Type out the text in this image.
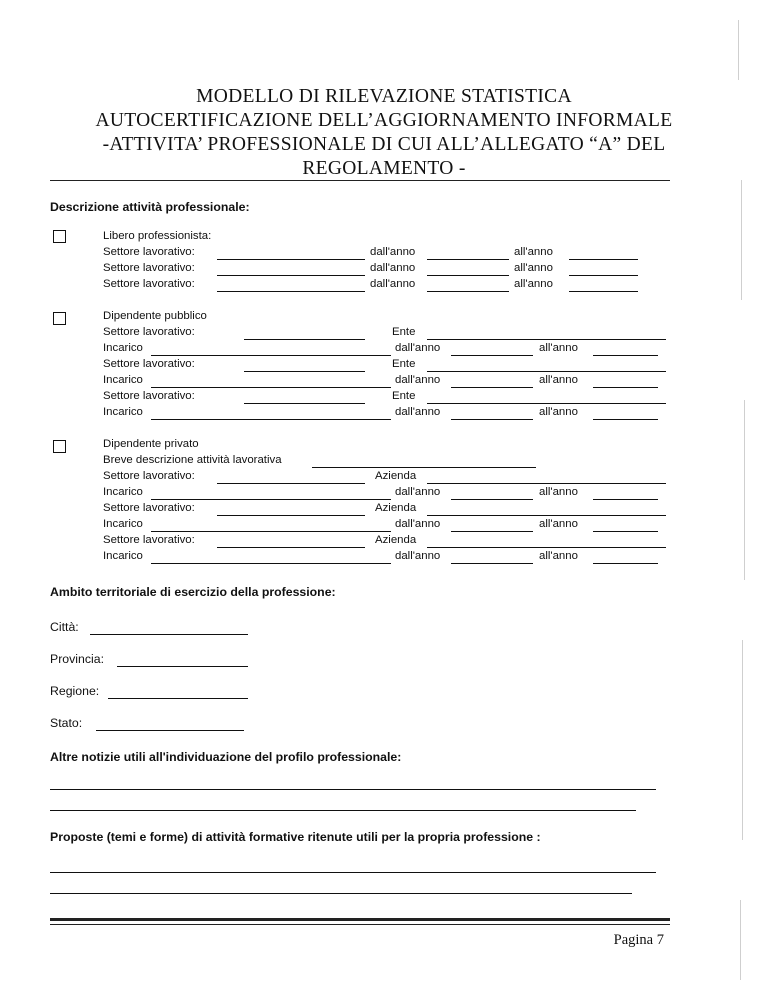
MODELLO DI RILEVAZIONE STATISTICA
AUTOCERTIFICAZIONE DELL’AGGIORNAMENTO INFORMALE
-ATTIVITA’ PROFESSIONALE DI CUI ALL’ALLEGATO “A” DEL
REGOLAMENTO -
Descrizione attività professionale:
Libero professionista:
Settore lavorativo:	dall'anno	all'anno
Settore lavorativo:	dall'anno	all'anno
Settore lavorativo:	dall'anno	all'anno
Dipendente pubblico
Settore lavorativo:	Ente
Incarico	dall'anno	all'anno
Settore lavorativo:	Ente
Incarico	dall'anno	all'anno
Settore lavorativo:	Ente
Incarico	dall'anno	all'anno
Dipendente privato
Breve descrizione attività lavorativa
Settore lavorativo:	Azienda
Incarico	dall'anno	all'anno
Settore lavorativo:	Azienda
Incarico	dall'anno	all'anno
Settore lavorativo:	Azienda
Incarico	dall'anno	all'anno
Ambito territoriale di esercizio della professione:
Città:
Provincia:
Regione:
Stato:
Altre notizie utili all'individuazione del profilo professionale:
Proposte (temi e forme) di attività formative ritenute utili per la propria professione :
Pagina 7
